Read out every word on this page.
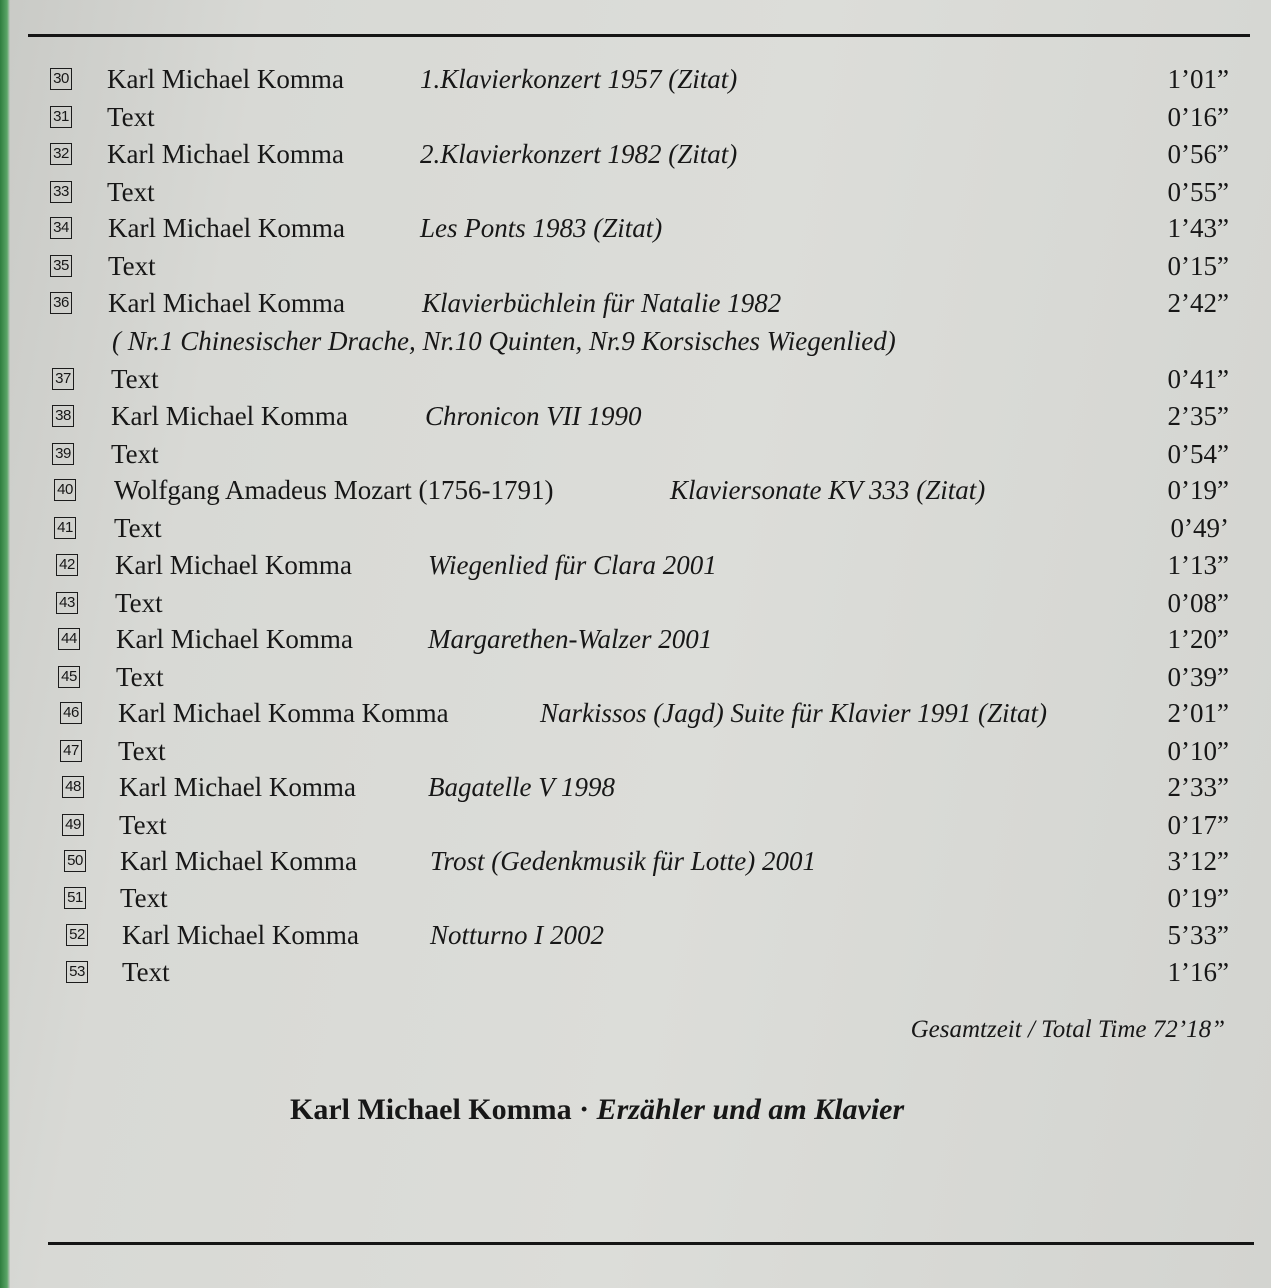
30 Karl Michael Komma	1.Klavierkonzert 1957 (Zitat)	1’01”
31 Text	0’16”
32 Karl Michael Komma	2.Klavierkonzert 1982 (Zitat)	0’56”
33 Text	0’55”
34 Karl Michael Komma	Les Ponts 1983 (Zitat)	1’43”
35 Text	0’15”
36 Karl Michael Komma	Klavierbüchlein für Natalie 1982	2’42”
37 Text	0’41”
38 Karl Michael Komma	Chronicon VII 1990	2’35”
39 Text	0’54”
40 Wolfgang Amadeus Mozart (1756-1791)	Klaviersonate KV 333 (Zitat)	0’19”
41 Text	0’49’
42 Karl Michael Komma	Wiegenlied für Clara 2001	1’13”
43 Text	0’08”
44 Karl Michael Komma	Margarethen-Walzer 2001	1’20”
45 Text	0’39”
46 Karl Michael Komma Komma	Narkissos (Jagd) Suite für Klavier 1991 (Zitat)	2’01”
47 Text	0’10”
48 Karl Michael Komma	Bagatelle V 1998	2’33”
49 Text	0’17”
50 Karl Michael Komma	Trost (Gedenkmusik für Lotte) 2001	3’12”
51 Text	0’19”
52 Karl Michael Komma	Notturno I 2002	5’33”
53 Text	1’16”
( Nr.1 Chinesischer Drache, Nr.10 Quinten, Nr.9 Korsisches Wiegenlied)
Gesamtzeit / Total Time 72’18”
Karl Michael Komma · Erzähler und am Klavier
